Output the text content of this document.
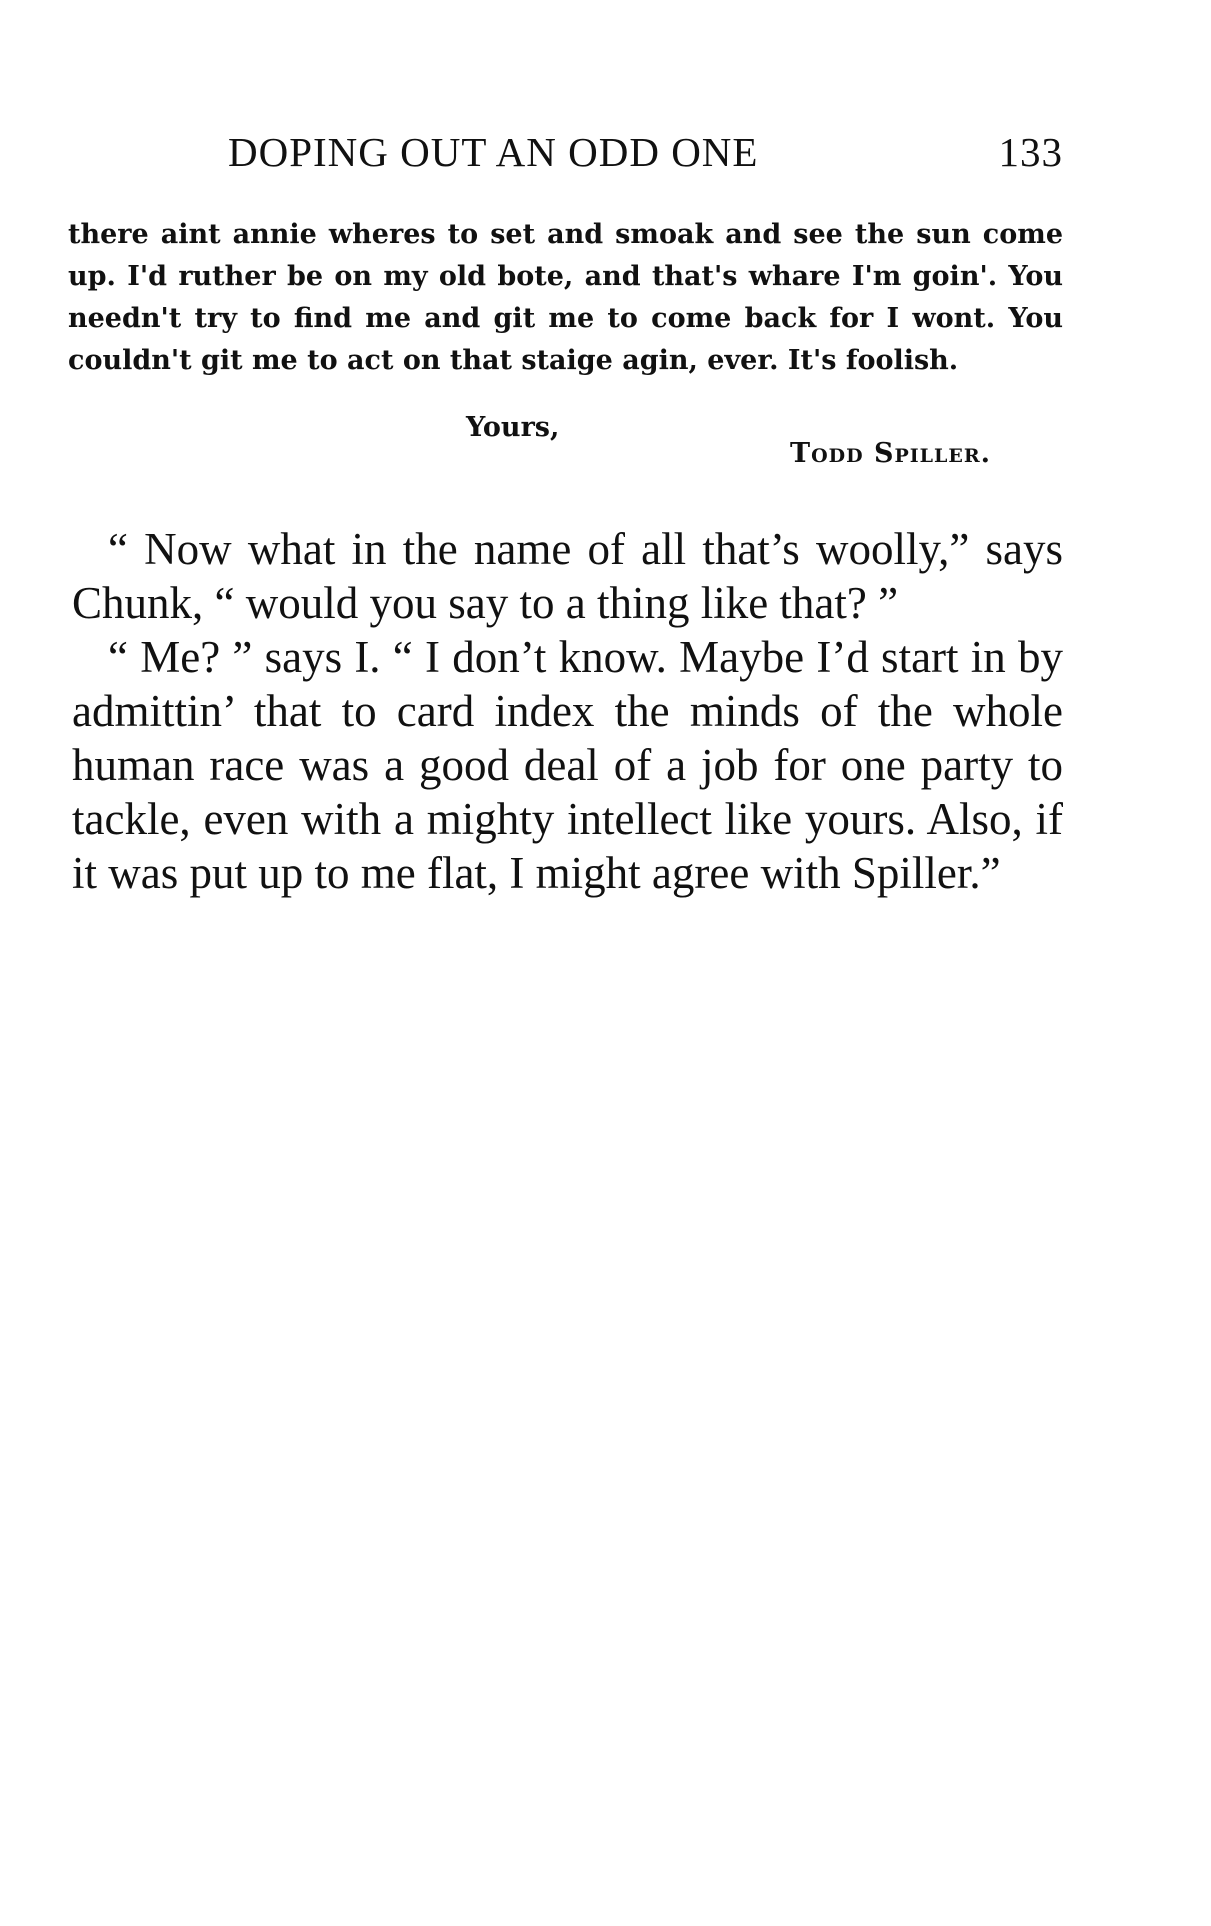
DOPING OUT AN ODD ONE	133

there aint annie wheres to set and smoak and see the sun come up. I'd ruther be on my old bote, and that's whare I'm goin'. You needn't try to find me and git me to come back for I wont. You couldn't git me to act on that staige agin, ever. It's foolish.

Yours,
Todd Spiller.

“ Now what in the name of all that’s woolly,” says Chunk, “ would you say to a thing like that? ”

“ Me? ” says I. “ I don’t know. Maybe I’d start in by admittin’ that to card index the minds of the whole human race was a good deal of a job for one party to tackle, even with a mighty intellect like yours. Also, if it was put up to me flat, I might agree with Spiller.”
